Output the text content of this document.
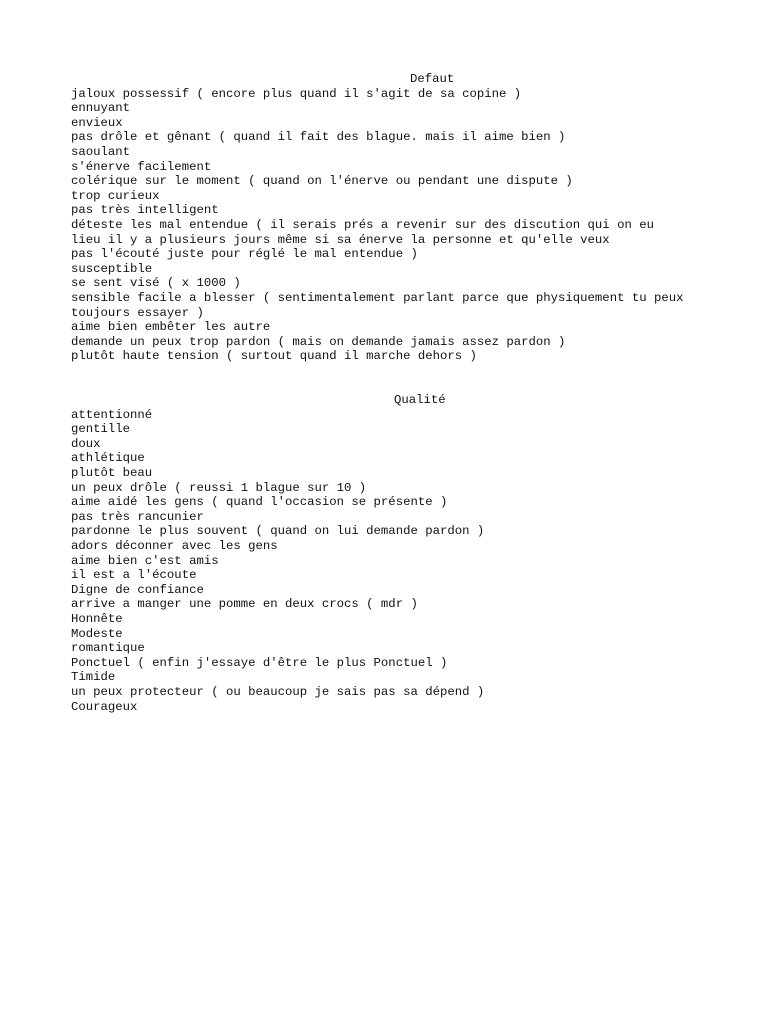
Defaut
jaloux possessif ( encore plus quand il s'agit de sa copine )
ennuyant
envieux
pas drôle et gênant ( quand il fait des blague. mais il aime bien )
saoulant
s'énerve facilement
colérique sur le moment ( quand on l'énerve ou pendant une dispute )
trop curieux
pas très intelligent
déteste les mal entendue ( il serais prés a revenir sur des discution qui on eu
lieu il y a plusieurs jours même si sa énerve la personne et qu'elle veux
pas l'écouté juste pour réglé le mal entendue )
susceptible
se sent visé ( x 1000 )
sensible facile a blesser ( sentimentalement parlant parce que physiquement tu peux
toujours essayer )
aime bien embêter les autre
demande un peux trop pardon ( mais on demande jamais assez pardon )
plutôt haute tension ( surtout quand il marche dehors )
Qualité
attentionné
gentille
doux
athlétique
plutôt beau
un peux drôle ( reussi 1 blague sur 10 )
aime aidé les gens ( quand l'occasion se présente )
pas très rancunier
pardonne le plus souvent ( quand on lui demande pardon )
adors déconner avec les gens
aime bien c'est amis
il est a l'écoute
Digne de confiance
arrive a manger une pomme en deux crocs ( mdr )
Honnête
Modeste
romantique
Ponctuel ( enfin j'essaye d'être le plus Ponctuel )
Timide
un peux protecteur ( ou beaucoup je sais pas sa dépend )
Courageux
